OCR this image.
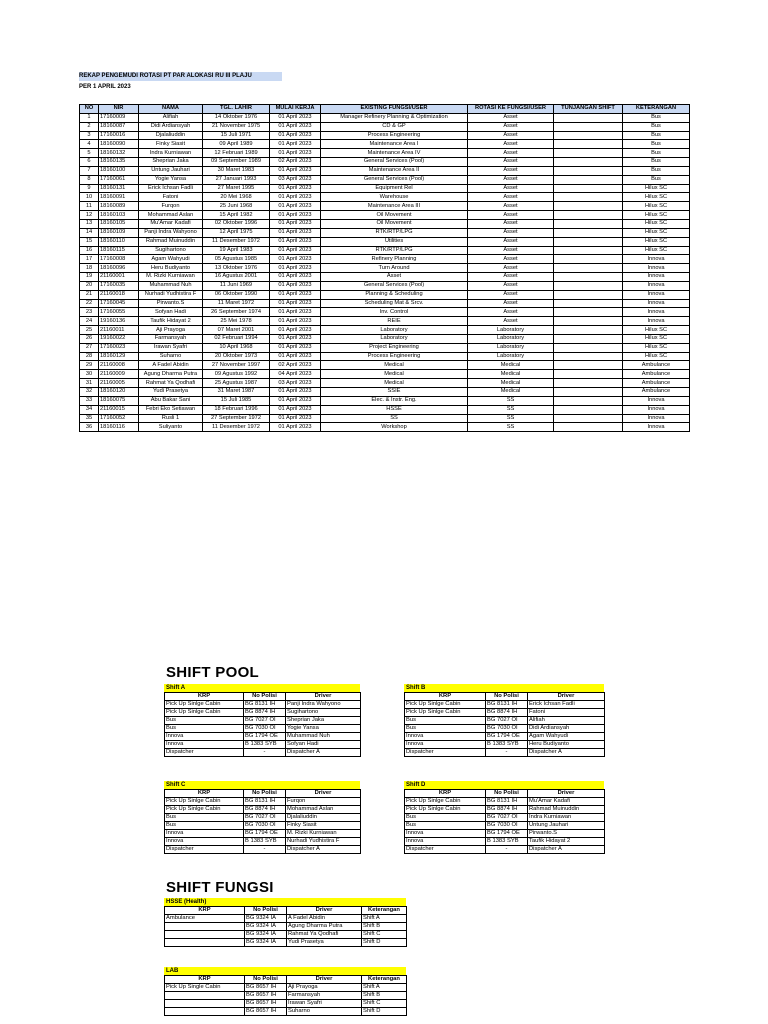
REKAP PENGEMUDI ROTASI PT PAR ALOKASI RU III PLAJU
PER 1 APRIL 2023
NO	NIR	NAMA	TGL. LAHIR	MULAI KERJA	EXISTING FUNGSI/USER	ROTASI KE FUNGSI/USER	TUNJANGAN SHIFT	KETERANGAN
1	17160009	Alifiah	14 Oktober 1976	01 April 2023	Manager Refinery Planning & Optimization	Asset		Bus
2	18160087	Didi Ardiansyah	21 November 1975	01 April 2023	CD & GP	Asset		Bus
3	17160016	Djalaliuddin	15 Juli 1971	01 April 2023	Process Engineering	Asset		Bus
4	18160090	Finky Siasit	09 April 1989	01 April 2023	Maintenance Area I	Asset		Bus
5	18160132	Indra Kurniawan	12 Februari 1989	01 April 2023	Maintenance Area IV	Asset		Bus
6	18160135	Sheprian Jaka	09 September 1989	02 April 2023	General Services (Pool)	Asset		Bus
7	18160100	Untung Jauhari	30 Maret 1983	01 April 2023	Maintenance Area II	Asset		Bus
8	17160061	Yogie Yansa	27 Januari 1993	03 April 2023	General Services (Pool)	Asset		Bus
9	18160131	Erick Ichsan Fadli	27 Maret 1995	01 April 2023	Equipment Rel	Asset		Hilux SC
10	18160091	Fatoni	20 Mei 1968	01 April 2023	Warehouse	Asset		Hilux SC
11	18160089	Furqon	25 Juni 1968	01 April 2023	Maintenance Area III	Asset		Hilux SC
12	18160103	Mohammad Aslan	15 April 1982	01 April 2023	Oil Movement	Asset		Hilux SC
13	18160105	Mu'Amar Kadafi	02 Oktober 1996	01 April 2023	Oil Movement	Asset		Hilux SC
14	18160109	Panji Indra Wahyono	12 April 1975	01 April 2023	RTK/RTP/LPG	Asset		Hilux SC
15	18160110	Rahmad Muinuddin	11 Desember 1972	01 April 2023	Utilities	Asset		Hilux SC
16	18160115	Sugihartono	19 April 1983	01 April 2023	RTK/RTP/LPG	Asset		Hilux SC
17	17160008	Agam Wahyudi	05 Agustus 1985	01 April 2023	Refinery Planning	Asset		Innova
18	18160096	Heru Budiyanto	13 Oktober 1976	01 April 2023	Turn Around	Asset		Innova
19	21160001	M. Rizki Kurniawan	16 Agustus 2001	01 April 2023	Asset	Asset		Innova
20	17160035	Muhammad Nuh	11 Juni 1969	01 April 2023	General Services (Pool)	Asset		Innova
21	21160018	Nurhadi Yudhistira F	06 Oktober 1990	01 April 2023	Planning & Scheduling	Asset		Innova
22	17160045	Pirwanto.S	11 Maret 1972	01 April 2023	Scheduling Mat & Srcv.	Asset		Innova
23	17160055	Sofyan Hadi	26 September 1974	01 April 2023	Inv. Control	Asset		Innova
24	19160136	Taufik Hidayat 2	25 Mei 1978	01 April 2023	REIE	Asset		Innova
25	21160011	Aji Prayoga	07 Maret 2001	01 April 2023	Laboratory	Laboratory		Hilux SC
26	19160022	Farmansyah	02 Februari 1994	01 April 2023	Laboratory	Laboratory		Hilux SC
27	17160023	Irawan Syafri	10 April 1968	01 April 2023	Project Engineering	Laboratory		Hilux SC
28	18160129	Suharno	20 Oktober 1973	01 April 2023	Process Engineering	Laboratory		Hilux SC
29	21160008	A Fadel Abidin	27 November 1997	02 April 2023	Medical	Medical		Ambulance
30	21160009	Agung Dharma Putra	09 Agustus 1992	04 April 2023	Medical	Medical		Ambulance
31	21160005	Rahmat Ya Qodhafi	25 Agustus 1987	03 April 2023	Medical	Medical		Ambulance
32	18160120	Yudi Prasetya	31 Maret 1987	01 April 2023	SSIE	Medical		Ambulance
33	18160075	Abu Bakar Sani	15 Juli 1985	01 April 2023	Elec. & Instr. Eng.	SS		Innova
34	21160015	Febri Eko Setiawan	18 Februari 1996	01 April 2023	HSSE	SS		Innova
35	17160052	Rusli 1	27 September 1972	01 April 2023	SS	SS		Innova
36	18160116	Suliyanto	11 Desember 1972	01 April 2023	Workshop	SS		Innova
SHIFT POOL
Shift A
KRP	No Polisi	Driver
Pick Up Sinlge Cabin	BG 8131 IH	Panji Indra Wahyono
Pick Up Sinlge Cabin	BG 8874 IH	Sugihartono
Bus	BG 7027 OI	Sheprian Jaka
Bus	BG 7030 OI	Yogie Yansa
Innova	BG 1794 OE	Muhammad Nuh
Innova	B 1383 SYB	Sofyan Hadi
Dispatcher	-	Dispatcher A
Shift B
KRP	No Polisi	Driver
Pick Up Sinlge Cabin	BG 8131 IH	Erick Ichsan Fadli
Pick Up Sinlge Cabin	BG 8874 IH	Fatoni
Bus	BG 7027 OI	Alifiah
Bus	BG 7030 OI	Didi Ardiansyah
Innova	BG 1794 OE	Agam Wahyudi
Innova	B 1383 SYB	Heru Budiyanto
Dispatcher	-	Dispatcher A
Shift C
KRP	No Polisi	Driver
Pick Up Sinlge Cabin	BG 8131 IH	Furqon
Pick Up Sinlge Cabin	BG 8874 IH	Mohammad Aslan
Bus	BG 7027 OI	Djalaliuddin
Bus	BG 7030 OI	Finky Siasit
Innova	BG 1794 OE	M. Rizki Kurniawan
Innova	B 1383 SYB	Nurhadi Yudhistira F
Dispatcher	-	Dispatcher A
Shift D
KRP	No Polisi	Driver
Pick Up Sinlge Cabin	BG 8131 IH	Mu'Amar Kadafi
Pick Up Sinlge Cabin	BG 8874 IH	Rahmad Muinuddin
Bus	BG 7027 OI	Indra Kurniawan
Bus	BG 7030 OI	Untung Jauhari
Innova	BG 1794 OE	Pirwanto.S
Innova	B 1383 SYB	Taufik Hidayat 2
Dispatcher	-	Dispatcher A
SHIFT FUNGSI
HSSE (Health)
KRP	No Polisi	Driver	Keterangan
Ambulance	BG 9324 IA	A Fadel Abidin	Shift A
	BG 9324 IA	Agung Dharma Putra	Shift B
	BG 9324 IA	Rahmat Ya Qodhafi	Shift C
	BG 9324 IA	Yudi Prasetya	Shift D
LAB
KRP	No Polisi	Driver	Keterangan
Pick Up Single Cabin	BG 8657 IH	Aji Prayoga	Shift A
	BG 8657 IH	Farmansyah	Shift B
	BG 8657 IH	Irawan Syafri	Shift C
	BG 8657 IH	Suharno	Shift D
